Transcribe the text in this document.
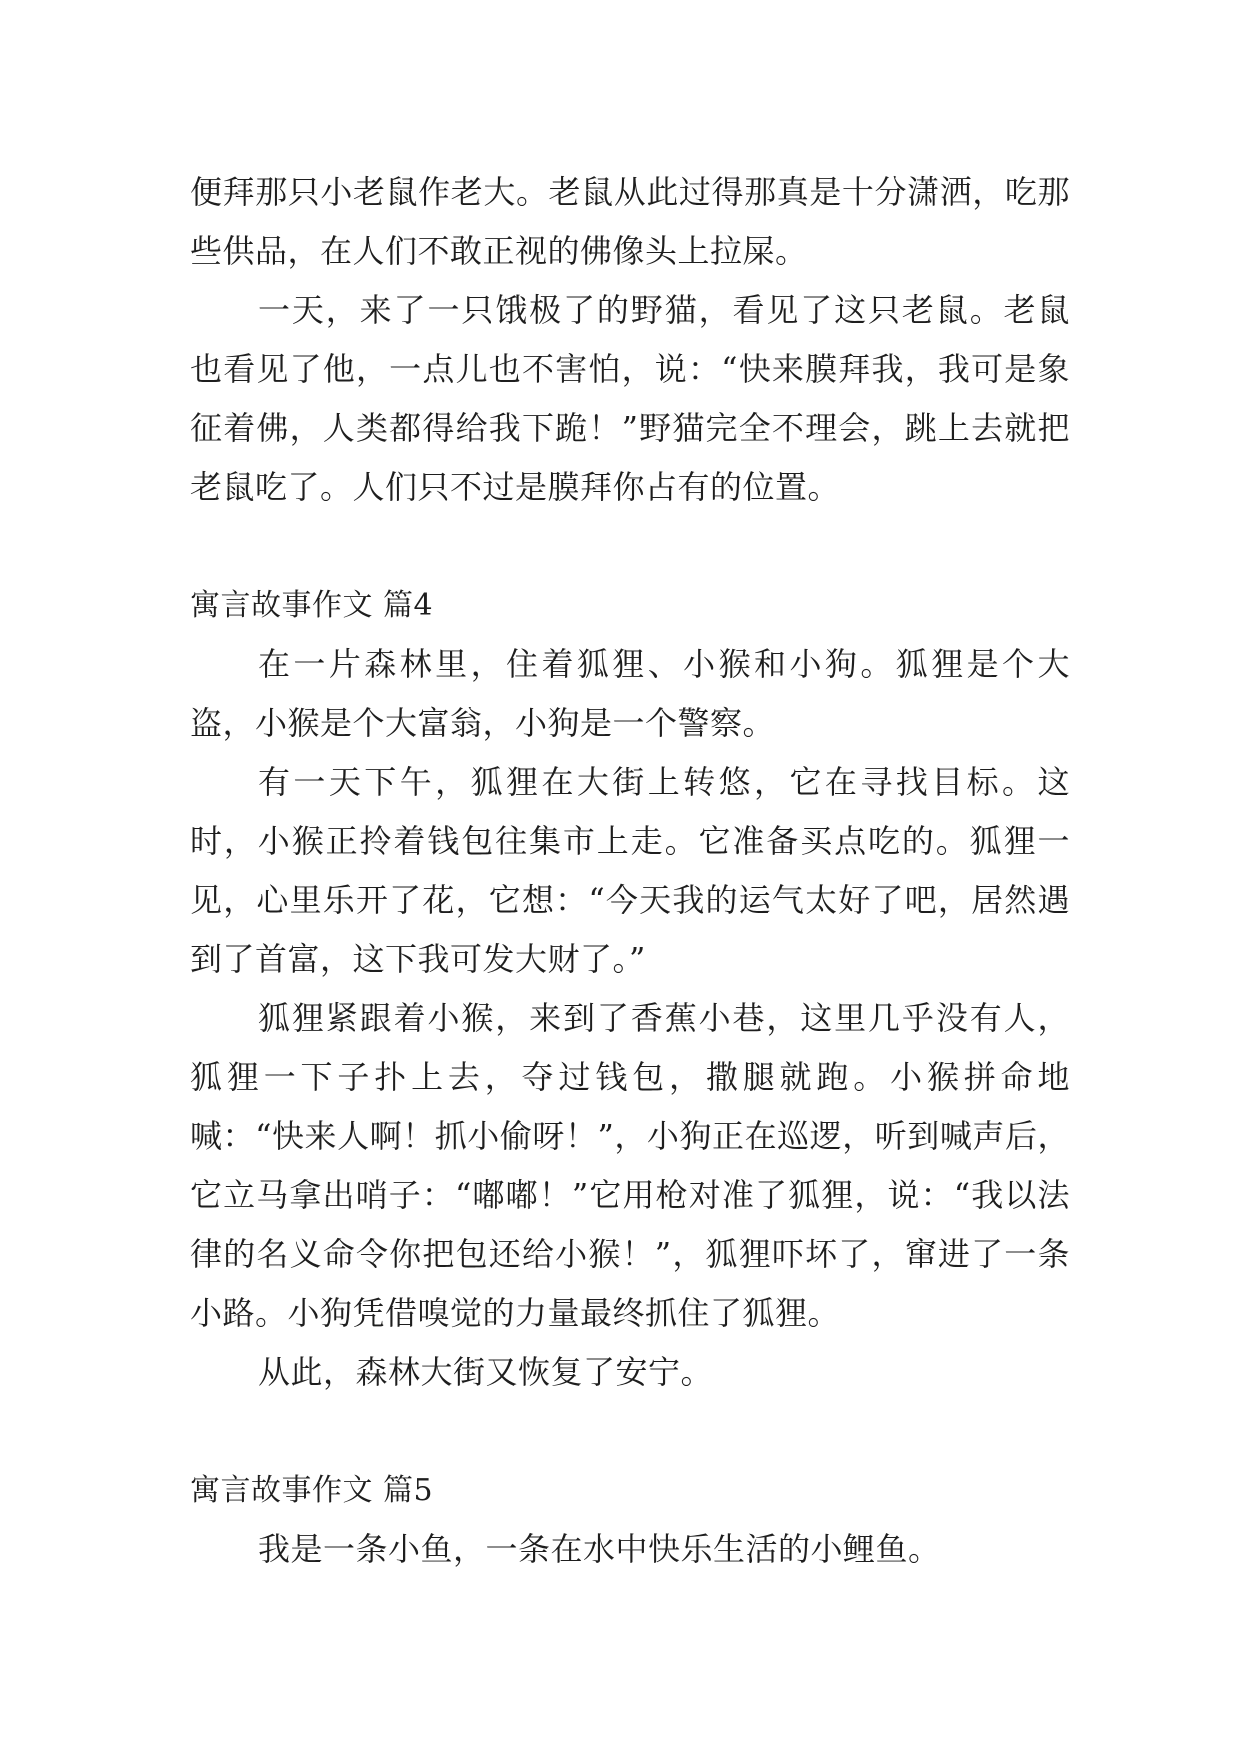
便拜那只小老鼠作老大。老鼠从此过得那真是十分潇洒，吃那些供品，在人们不敢正视的佛像头上拉屎。

一天，来了一只饿极了的野猫，看见了这只老鼠。老鼠也看见了他，一点儿也不害怕，说：“快来膜拜我，我可是象征着佛，人类都得给我下跪！”野猫完全不理会，跳上去就把老鼠吃了。人们只不过是膜拜你占有的位置。

寓言故事作文 篇4

在一片森林里，住着狐狸、小猴和小狗。狐狸是个大盗，小猴是个大富翁，小狗是一个警察。

有一天下午，狐狸在大街上转悠，它在寻找目标。这时，小猴正拎着钱包往集市上走。它准备买点吃的。狐狸一见，心里乐开了花，它想：“今天我的运气太好了吧，居然遇到了首富，这下我可发大财了。”

狐狸紧跟着小猴，来到了香蕉小巷，这里几乎没有人，狐狸一下子扑上去，夺过钱包，撒腿就跑。小猴拼命地喊：“快来人啊！抓小偷呀！”，小狗正在巡逻，听到喊声后，它立马拿出哨子：“嘟嘟！”它用枪对准了狐狸，说：“我以法律的名义命令你把包还给小猴！”，狐狸吓坏了，窜进了一条小路。小狗凭借嗅觉的力量最终抓住了狐狸。

从此，森林大街又恢复了安宁。

寓言故事作文 篇5

我是一条小鱼，一条在水中快乐生活的小鲤鱼。
